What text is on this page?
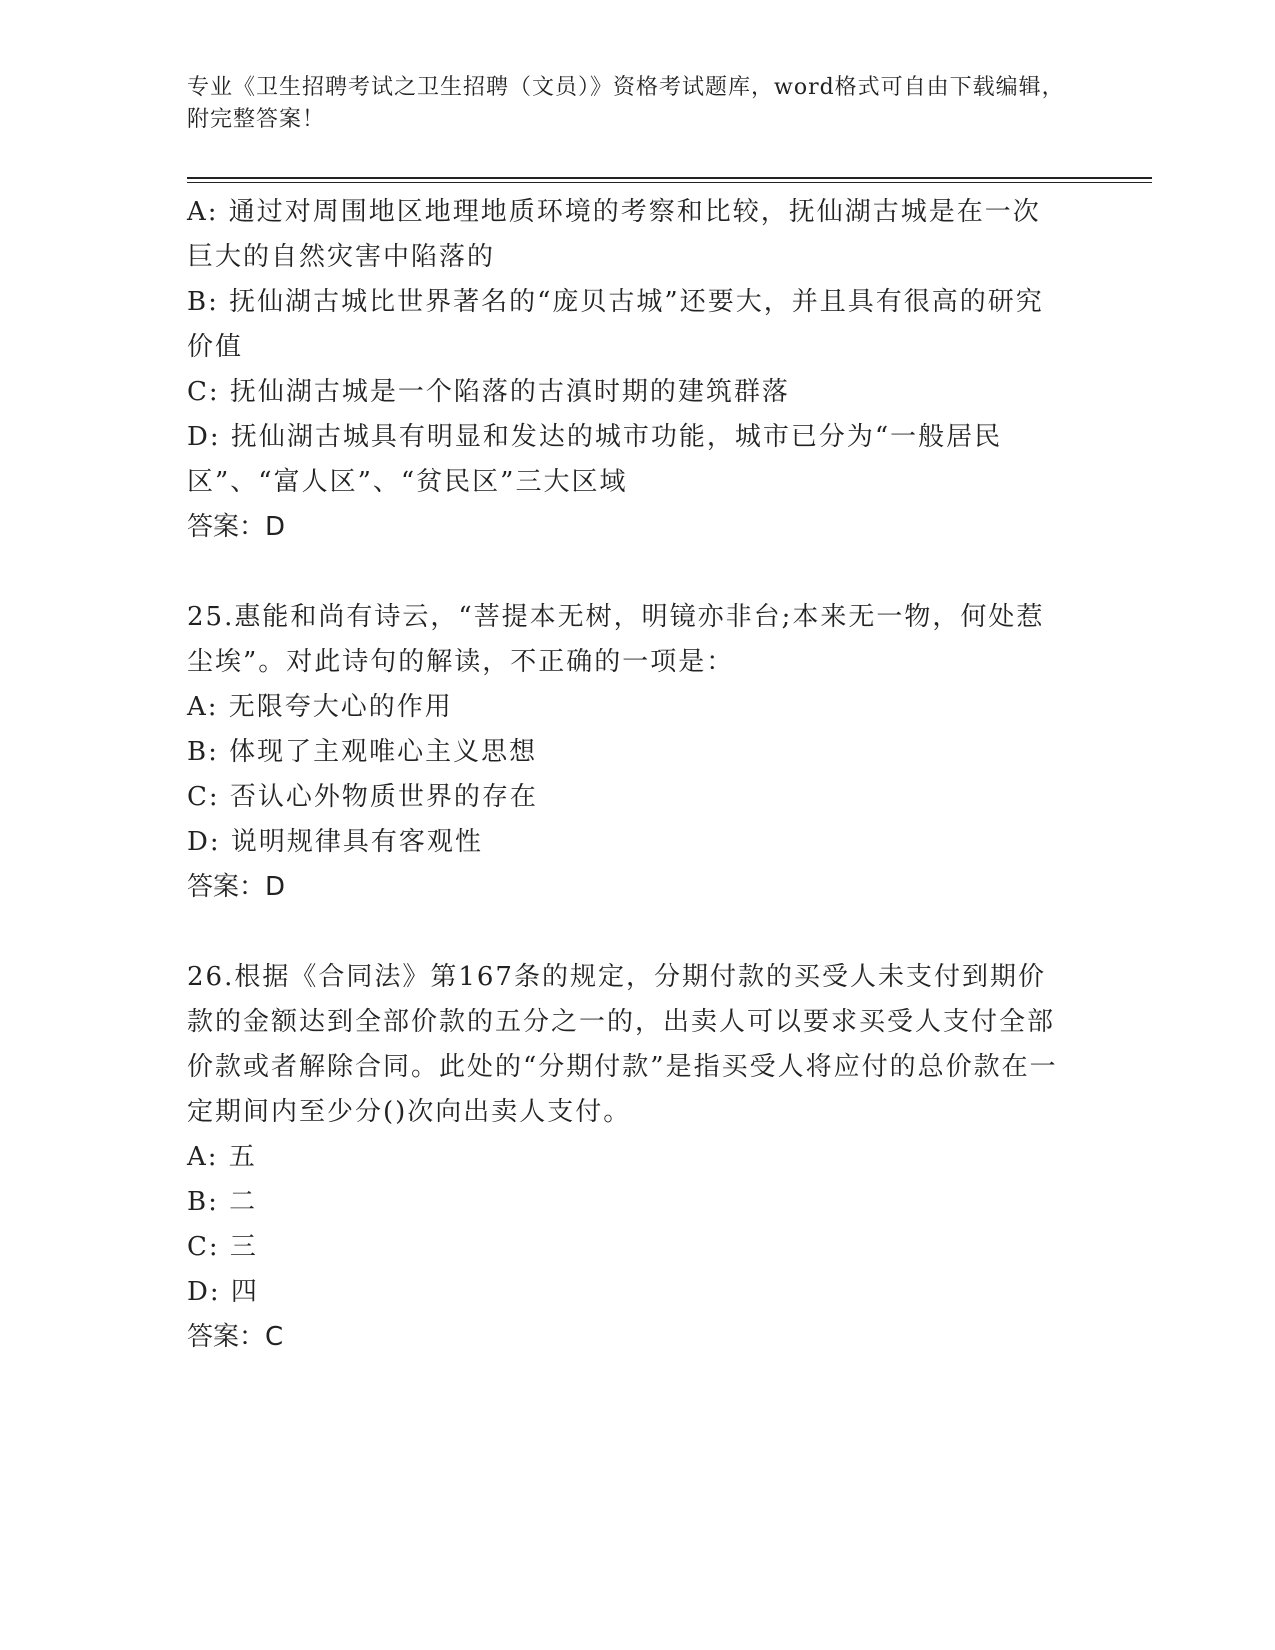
专业《卫生招聘考试之卫生招聘（文员）》资格考试题库，word格式可自由下载编辑，附完整答案！

A: 通过对周围地区地理地质环境的考察和比较，抚仙湖古城是在一次巨大的自然灾害中陷落的

B: 抚仙湖古城比世界著名的“庞贝古城”还要大，并且具有很高的研究价值

C: 抚仙湖古城是一个陷落的古滇时期的建筑群落

D: 抚仙湖古城具有明显和发达的城市功能，城市已分为“一般居民区”、“富人区”、“贫民区”三大区域

答案：D

25.惠能和尚有诗云，“菩提本无树，明镜亦非台;本来无一物，何处惹尘埃”。对此诗句的解读，不正确的一项是：

A: 无限夸大心的作用

B: 体现了主观唯心主义思想

C: 否认心外物质世界的存在

D: 说明规律具有客观性

答案：D

26.根据《合同法》第167条的规定，分期付款的买受人未支付到期价款的金额达到全部价款的五分之一的，出卖人可以要求买受人支付全部价款或者解除合同。此处的“分期付款”是指买受人将应付的总价款在一定期间内至少分()次向出卖人支付。

A: 五

B: 二

C: 三

D: 四

答案：C
